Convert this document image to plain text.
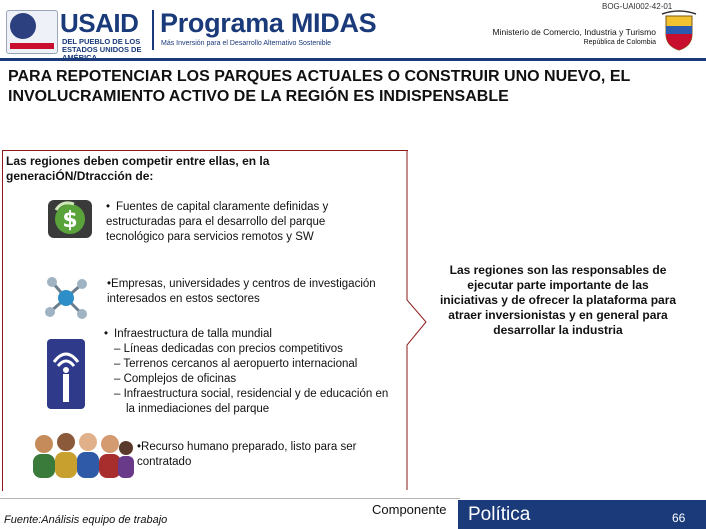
USAID
DEL PUEBLO DE LOS ESTADOS UNIDOS DE
Programa MIDAS
Más Inversión para el Desarrollo Alternativo Sostenible
BOG-UAI002-42-01
Ministerio de Comercio, Industria y Turismo
República de Colombia
PARA REPOTENCIAR LOS PARQUES ACTUALES O CONSTRUIR UNO NUEVO, EL INVOLUCRAMIENTO ACTIVO DE LA REGIÓN ES INDISPENSABLE
Las regiones deben competir entre ellas, en la generaciÓN/Dtracción de:
$
• Fuentes de capital claramente definidas y estructuradas para el desarrollo del parque tecnológico para servicios remotos y SW
•Empresas, universidades y centros de investigación interesados en estos sectores
• Infraestructura de talla mundial
– Líneas dedicadas con precios competitivos
– Terrenos cercanos al aeropuerto internacional
– Complejos de oficinas
– Infraestructura social, residencial y de educación en la inmediaciones del parque
•Recurso humano preparado, listo para ser contratado
Las regiones son las responsables de ejecutar parte importante de las iniciativas y de ofrecer la plataforma para atraer inversionistas y en general para desarrollar la industria
Fuente:Análisis equipo de trabajo
Componente Política	66
